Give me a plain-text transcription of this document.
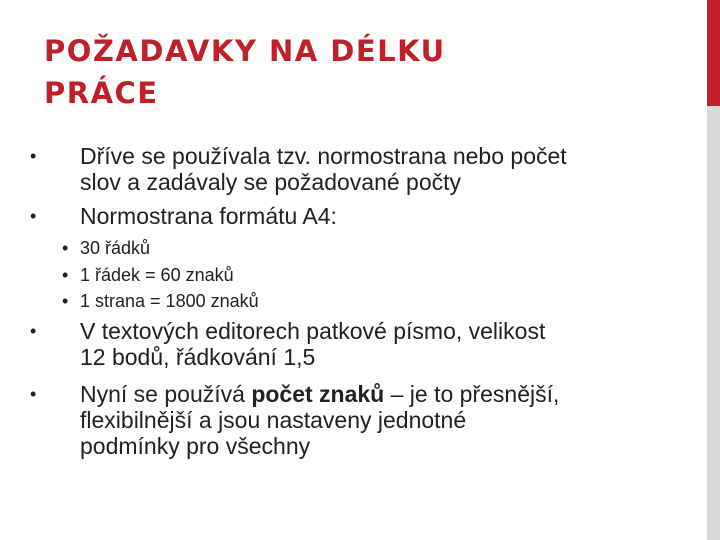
POŽADAVKY NA DÉLKU
PRÁCE
•	Dříve se používala tzv. normostrana nebo počet
slov a zadávaly se požadované počty
•	Normostrana formátu A4:
• 30 řádků
• 1 řádek = 60 znaků
• 1 strana = 1800 znaků
•	V textových editorech patkové písmo, velikost
12 bodů, řádkování 1,5
•	Nyní se používá počet znaků – je to přesnější,
flexibilnější a jsou nastaveny jednotné
podmínky pro všechny
